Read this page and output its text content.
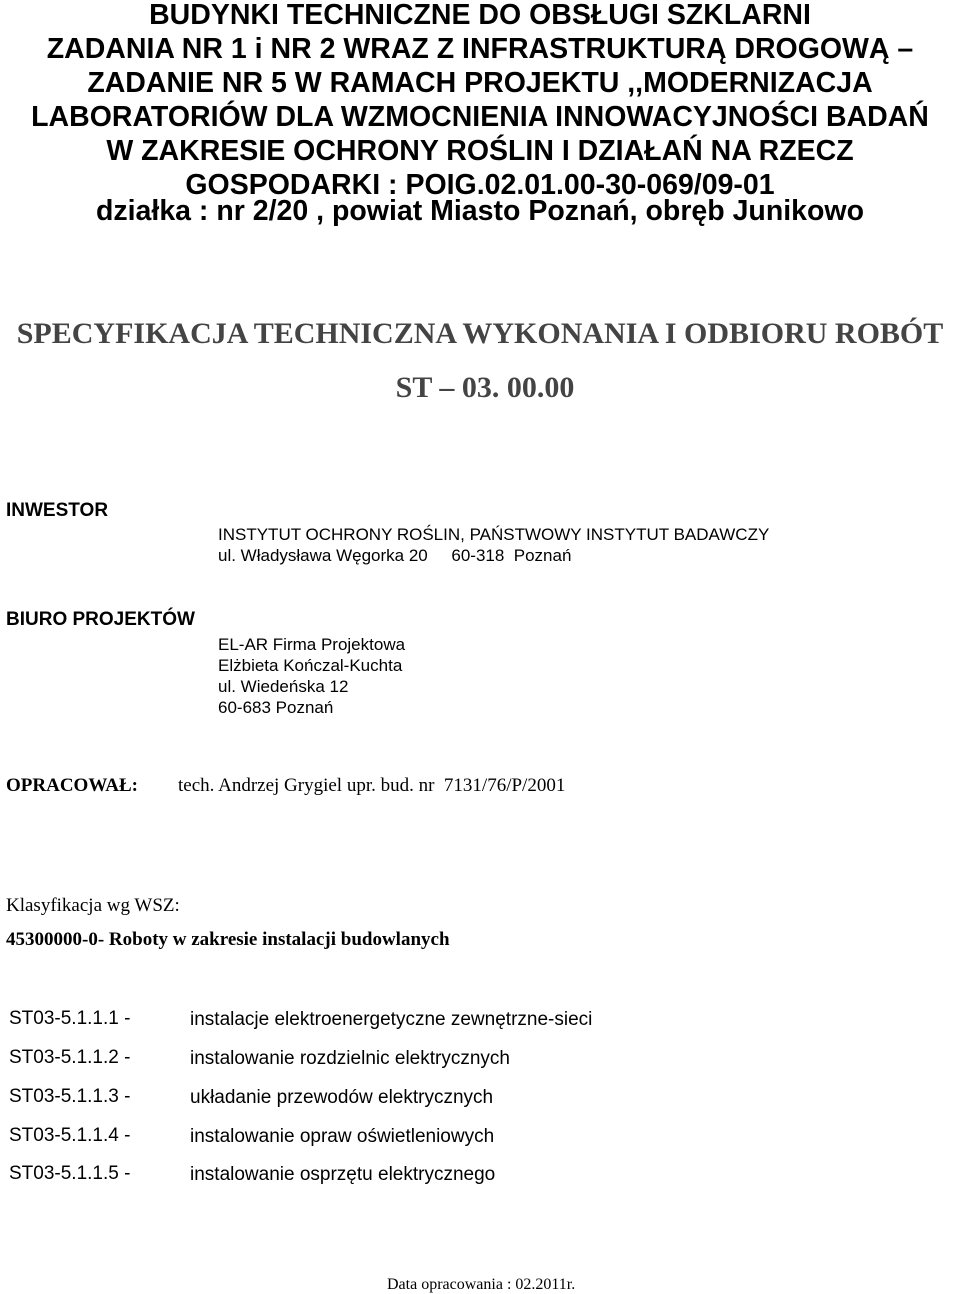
BUDYNKI TECHNICZNE DO OBSŁUGI SZKLARNI
ZADANIA NR 1 i NR 2 WRAZ Z INFRASTRUKTURĄ DROGOWĄ –
ZADANIE NR 5 W RAMACH PROJEKTU ,,MODERNIZACJA
LABORATORIÓW DLA WZMOCNIENIA INNOWACYJNOŚCI BADAŃ
W ZAKRESIE OCHRONY ROŚLIN I DZIAŁAŃ NA RZECZ
GOSPODARKI : POIG.02.01.00-30-069/09-01
działka : nr 2/20 , powiat Miasto Poznań, obręb Junikowo
SPECYFIKACJA TECHNICZNA WYKONANIA I ODBIORU ROBÓT
ST – 03. 00.00
INWESTOR
INSTYTUT OCHRONY ROŚLIN, PAŃSTWOWY INSTYTUT BADAWCZY
ul. Władysława Węgorka 20     60-318  Poznań
BIURO PROJEKTÓW
EL-AR Firma Projektowa
Elżbieta Kończal-Kuchta
ul. Wiedeńska 12
60-683 Poznań
OPRACOWAŁ: tech. Andrzej Grygiel upr. bud. nr  7131/76/P/2001
Klasyfikacja wg WSZ:
45300000-0- Roboty w zakresie instalacji budowlanych
ST03-5.1.1.1 -	instalacje elektroenergetyczne zewnętrzne-sieci
ST03-5.1.1.2 -	instalowanie rozdzielnic elektrycznych
ST03-5.1.1.3 -	układanie przewodów elektrycznych
ST03-5.1.1.4 -	instalowanie opraw oświetleniowych
ST03-5.1.1.5 -	instalowanie osprzętu elektrycznego
Data opracowania : 02.2011r.
